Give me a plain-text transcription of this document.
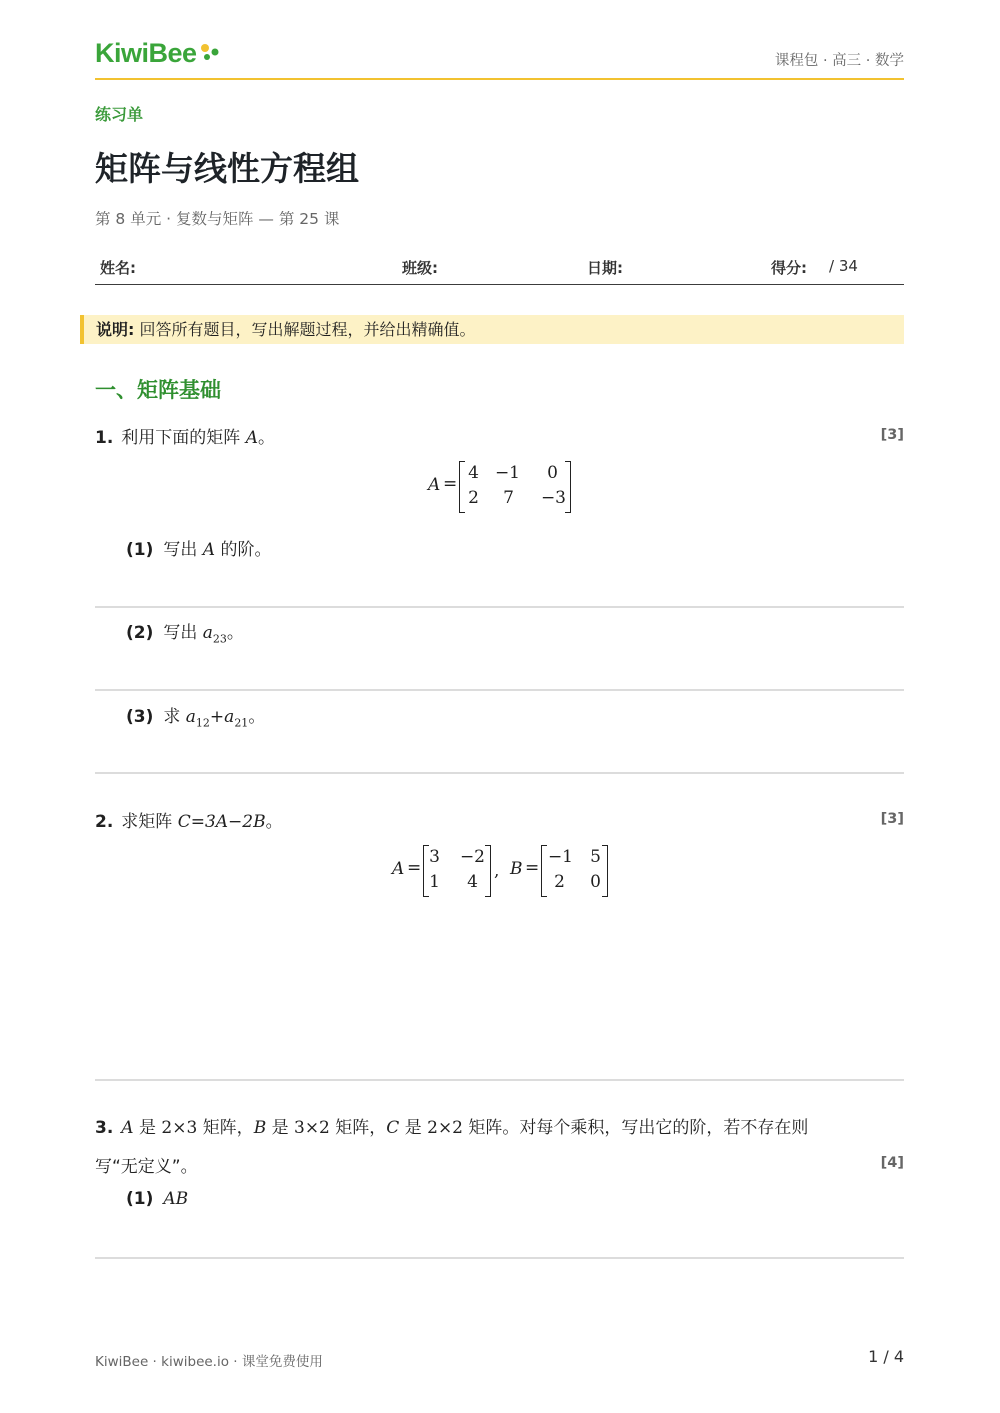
KiwiBee	课程包 · 高三 · 数学
练习单
矩阵与线性方程组
第 8 单元 · 复数与矩阵 — 第 25 课
姓名:	班级:	日期:	得分: / 34
说明: 回答所有题目，写出解题过程，并给出精确值。
一、矩阵基础
1. 利用下面的矩阵 A。	[3]
A =
4 −1	0
2	7	−3
(1) 写出 A 的阶。
(2) 写出 $a_{23}$。
(3) 求 $a_{12}+a_{21}$。
2. 求矩阵 C=3A−2B。	[3]
A =
3	−2
1	4
, B =
−1	5
2	0
3. A 是 2×3 矩阵，B 是 3×2 矩阵，C 是 2×2 矩阵。对每个乘积，写出它的阶，若不存在则
写“无定义”。	[4]
(1) AB
KiwiBee · kiwibee.io · 课堂免费使用	1 / 4
